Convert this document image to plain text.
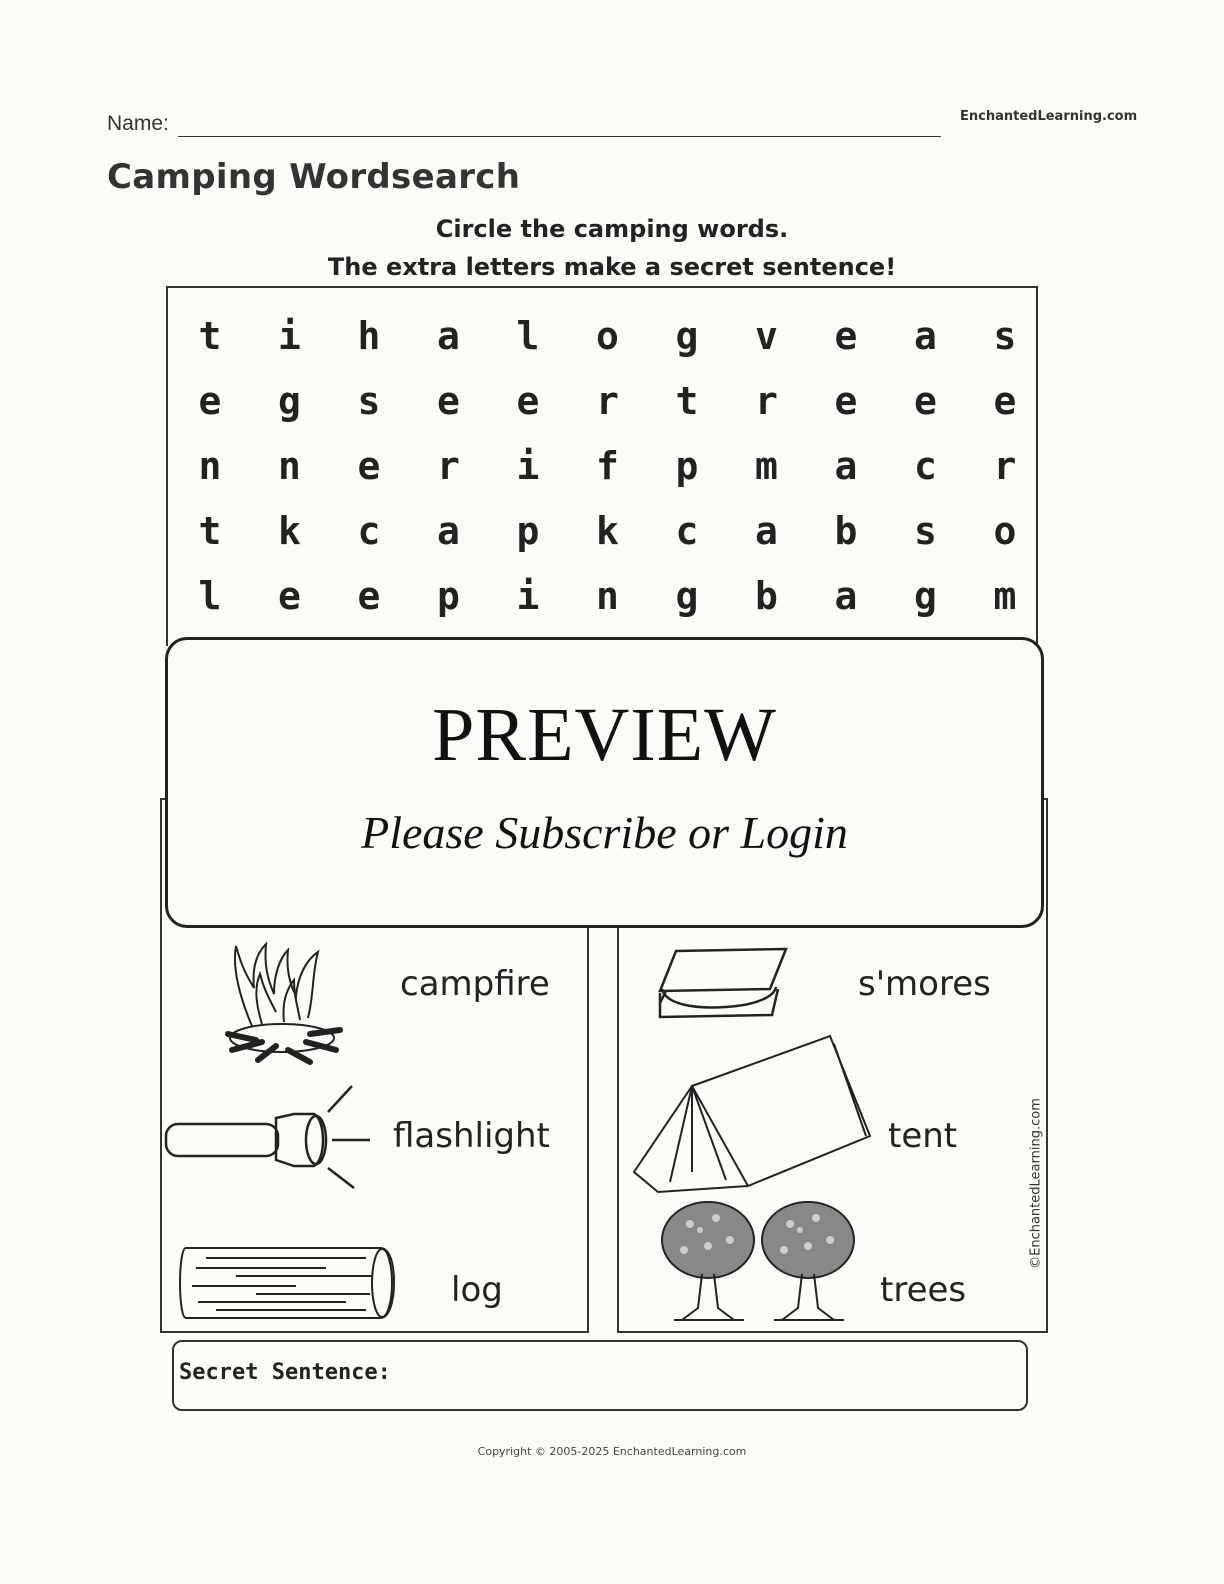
Name:	EnchantedLearning.com
Camping Wordsearch
Circle the camping words.
The extra letters make a secret sentence!
t	i	h	a	l	o	g	v	e	a	s
e	g	s	e	e	r	t	r	e	e	e
n	n	e	r	i	f	p	m	a	c	r
t	k	c	a	p	k	c	a	b	s	o
l	e	e	p	i	n	g	b	a	g	m
campfire
flashlight
log
s'mores
tent
trees
©EnchantedLearning.com
PREVIEW
Please Subscribe or Login
Secret Sentence:
Copyright © 2005-2025 EnchantedLearning.com
